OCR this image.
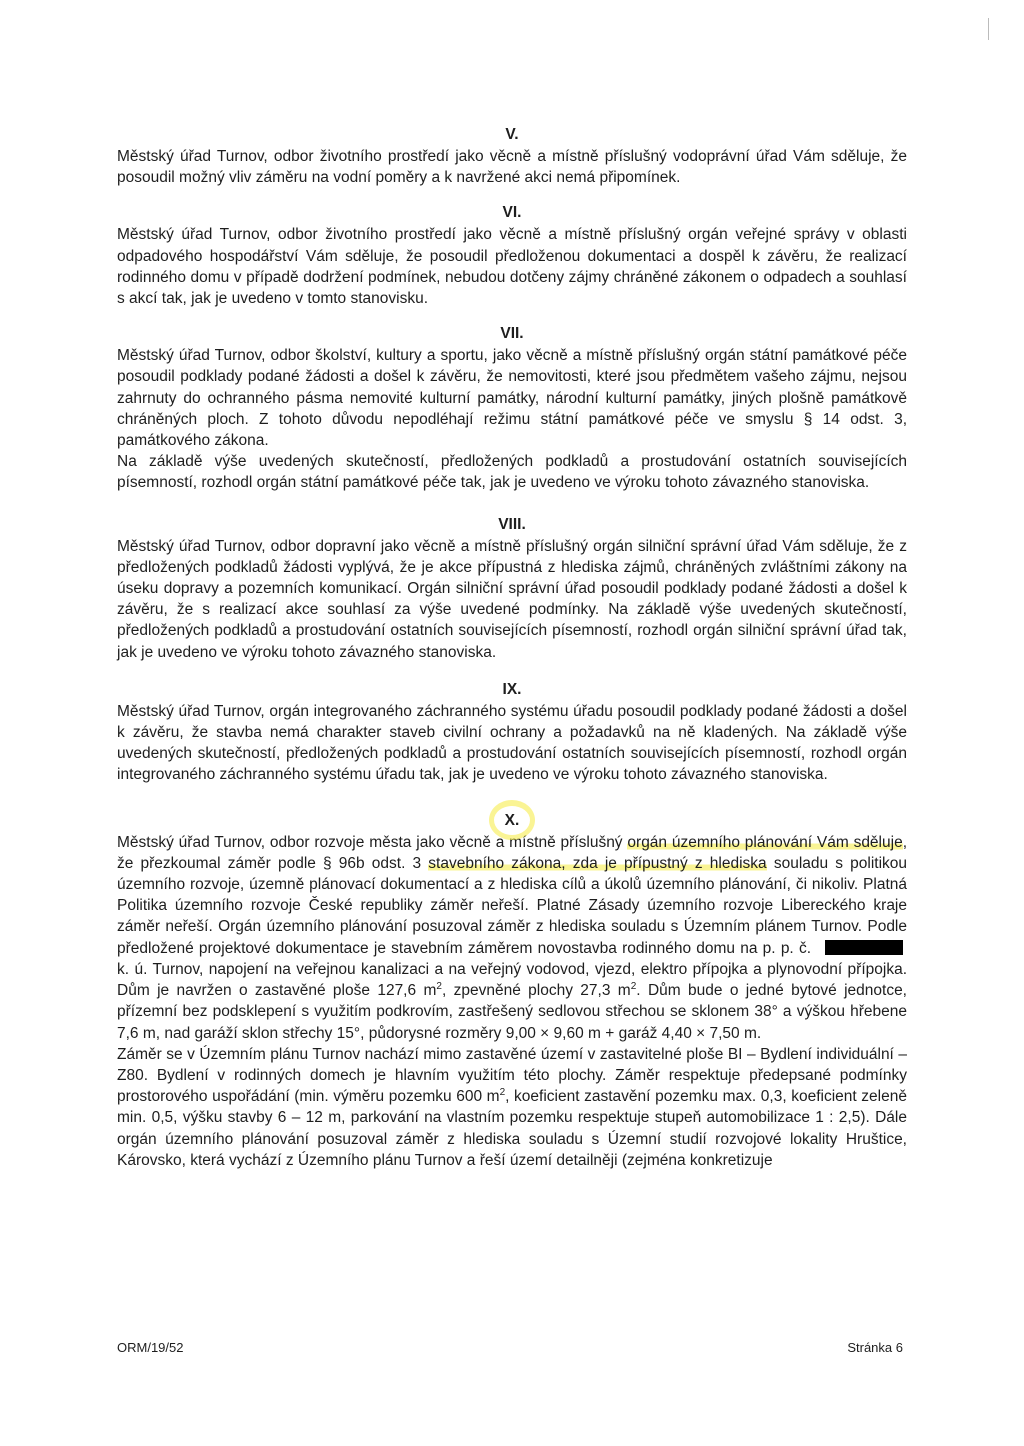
V.

Městský úřad Turnov, odbor životního prostředí jako věcně a místně příslušný vodoprávní úřad Vám sděluje, že posoudil možný vliv záměru na vodní poměry a k navržené akci nemá připomínek.

VI.

Městský úřad Turnov, odbor životního prostředí jako věcně a místně příslušný orgán veřejné správy v oblasti odpadového hospodářství Vám sděluje, že posoudil předloženou dokumentaci a dospěl k závěru, že realizací rodinného domu v případě dodržení podmínek, nebudou dotčeny zájmy chráněné zákonem o odpadech a souhlasí s akcí tak, jak je uvedeno v tomto stanovisku.

VII.

Městský úřad Turnov, odbor školství, kultury a sportu, jako věcně a místně příslušný orgán státní památkové péče posoudil podklady podané žádosti a došel k závěru, že nemovitosti, které jsou předmětem vašeho zájmu, nejsou zahrnuty do ochranného pásma nemovité kulturní památky, národní kulturní památky, jiných plošně památkově chráněných ploch. Z tohoto důvodu nepodléhají režimu státní památkové péče ve smyslu § 14 odst. 3, památkového zákona.

Na základě výše uvedených skutečností, předložených podkladů a prostudování ostatních souvisejících písemností, rozhodl orgán státní památkové péče tak, jak je uvedeno ve výroku tohoto závazného stanoviska.

VIII.

Městský úřad Turnov, odbor dopravní jako věcně a místně příslušný orgán silniční správní úřad Vám sděluje, že z předložených podkladů žádosti vyplývá, že je akce přípustná z hlediska zájmů, chráněných zvláštními zákony na úseku dopravy a pozemních komunikací. Orgán silniční správní úřad posoudil podklady podané žádosti a došel k závěru, že s realizací akce souhlasí za výše uvedené podmínky. Na základě výše uvedených skutečností, předložených podkladů a prostudování ostatních souvisejících písemností, rozhodl orgán silniční správní úřad tak, jak je uvedeno ve výroku tohoto závazného stanoviska.

IX.

Městský úřad Turnov, orgán integrovaného záchranného systému úřadu posoudil podklady podané žádosti a došel k závěru, že stavba nemá charakter staveb civilní ochrany a požadavků na ně kladených. Na základě výše uvedených skutečností, předložených podkladů a prostudování ostatních souvisejících písemností, rozhodl orgán integrovaného záchranného systému úřadu tak, jak je uvedeno ve výroku tohoto závazného stanoviska.

X.

Městský úřad Turnov, odbor rozvoje města jako věcně a místně příslušný orgán územního plánování Vám sděluje, že přezkoumal záměr podle § 96b odst. 3 stavebního zákona, zda je přípustný z hlediska souladu s politikou územního rozvoje, územně plánovací dokumentací a z hlediska cílů a úkolů územního plánování, či nikoliv. Platná Politika územního rozvoje České republiky záměr neřeší. Platné Zásady územního rozvoje Libereckého kraje záměr neřeší. Orgán územního plánování posuzoval záměr z hlediska souladu s Územním plánem Turnov. Podle předložené projektové dokumentace je stavebním záměrem novostavba rodinného domu na p. p. č.k. ú. Turnov, napojení na veřejnou kanalizaci a na veřejný vodovod, vjezd, elektro přípojka a plynovodní přípojka. Dům je navržen o zastavěné ploše 127,6 $m^2$, zpevněné plochy 27,3 $m^2$. Dům bude o jedné bytové jednotce, přízemní bez podsklepení s využitím podkrovím, zastřešený sedlovou střechou se sklonem 38° a výškou hřebene 7,6 m, nad garáží sklon střechy 15°, půdorysné rozměry 9,00 × 9,60 m + garáž 4,40 × 7,50 m.

Záměr se v Územním plánu Turnov nachází mimo zastavěné území v zastavitelné ploše BI – Bydlení individuální – Z80. Bydlení v rodinných domech je hlavním využitím této plochy. Záměr respektuje předepsané podmínky prostorového uspořádání (min. výměru pozemku 600 $m^2$, koeficient zastavění pozemku max. 0,3, koeficient zeleně min. 0,5, výšku stavby 6 – 12 m, parkování na vlastním pozemku respektuje stupeň automobilizace 1 : 2,5). Dále orgán územního plánování posuzoval záměr z hlediska souladu s Územní studií rozvojové lokality Hruštice, Károvsko, která vychází z Územního plánu Turnov a řeší území detailněji (zejména konkretizuje

ORM/19/52	Stránka 6
